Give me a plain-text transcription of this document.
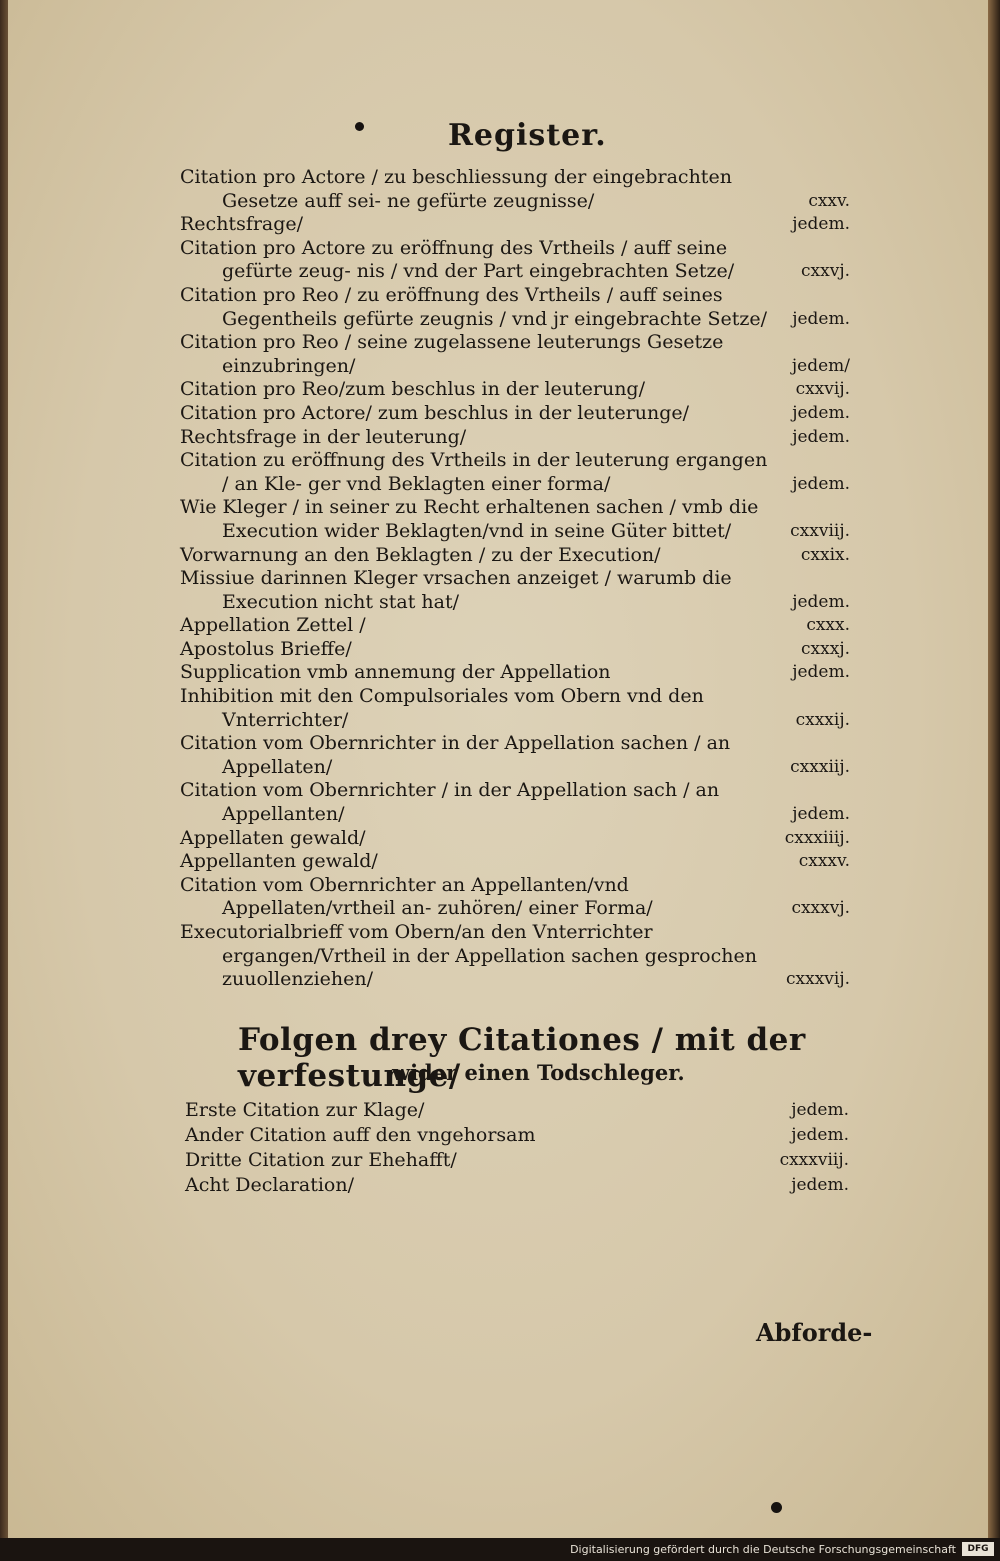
Register.
Citation pro Actore / zu beschliessung der eingebrachten Gesetze auff sei- ne gefürte zeugnisse/	cxxv.
Rechtsfrage/	jedem.
Citation pro Actore zu eröffnung des Vrtheils / auff seine gefürte zeug- nis / vnd der Part eingebrachten Setze/	cxxvj.
Citation pro Reo / zu eröffnung des Vrtheils / auff seines Gegentheils gefürte zeugnis / vnd jr eingebrachte Setze/	jedem.
Citation pro Reo / seine zugelassene leuterungs Gesetze einzubringen/	jedem/
Citation pro Reo/zum beschlus in der leuterung/	cxxvij.
Citation pro Actore/ zum beschlus in der leuterunge/	jedem.
Rechtsfrage in der leuterung/	jedem.
Citation zu eröffnung des Vrtheils in der leuterung ergangen / an Kle- ger vnd Beklagten einer forma/	jedem.
Wie Kleger / in seiner zu Recht erhaltenen sachen / vmb die Execution wider Beklagten/vnd in seine Güter bittet/	cxxviij.
Vorwarnung an den Beklagten / zu der Execution/	cxxix.
Missiue darinnen Kleger vrsachen anzeiget / warumb die Execution nicht stat hat/	jedem.
Appellation Zettel /	cxxx.
Apostolus Brieffe/	cxxxj.
Supplication vmb annemung der Appellation	jedem.
Inhibition mit den Compulsoriales vom Obern vnd den Vnterrichter/	cxxxij.
Citation vom Obernrichter in der Appellation sachen / an Appellaten/	cxxxiij.
Citation vom Obernrichter / in der Appellation sach / an Appellanten/	jedem.
Appellaten gewald/	cxxxiiij.
Appellanten gewald/	cxxxv.
Citation vom Obernrichter an Appellanten/vnd Appellaten/vrtheil an- zuhören/ einer Forma/	cxxxvj.
Executorialbrieff vom Obern/an den Vnterrichter ergangen/Vrtheil in der Appellation sachen gesprochen zuuollenziehen/	cxxxvij.
Folgen drey Citationes / mit der verfestunge/
wider einen Todschleger.
Erste Citation zur Klage/	jedem.
Ander Citation auff den vngehorsam	jedem.
Dritte Citation zur Ehehafft/	cxxxviij.
Acht Declaration/	jedem.
Abforde-
Digitalisierung gefördert durch die Deutsche Forschungsgemeinschaft	DFG
